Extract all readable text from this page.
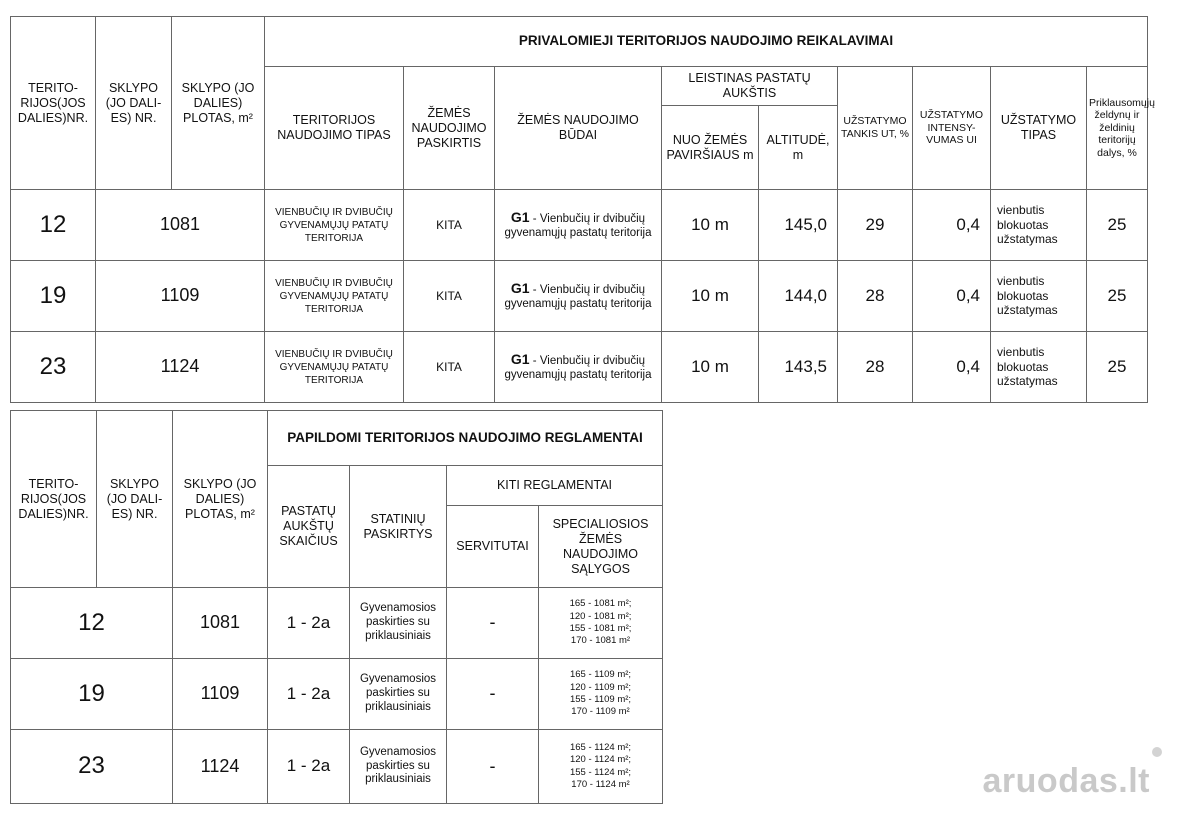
TERITO-RIJOS(JOS DALIES)NR.	SKLYPO (JO DALI-ES) NR.	SKLYPO (JO DALIES) PLOTAS, m²	PRIVALOMIEJI TERITORIJOS NAUDOJIMO REIKALAVIMAI								
			TERITORIJOS NAUDOJIMO TIPAS	ŽEMĖS NAUDOJIMO PASKIRTIS	ŽEMĖS NAUDOJIMO BŪDAI	LEISTINAS PASTATŲ AUKŠTIS		UŽSTATYMO TANKIS UT, %	UŽSTATYMO INTENSY-VUMAS UI	UŽSTATYMO TIPAS	Priklausomųjų želdynų ir želdinių teritorijų dalys, %
						NUO ŽEMĖS PAVIRŠIAUS m	ALTITUDĖ, m				
12	1081		VIENBUČIŲ IR DVIBUČIŲ GYVENAMŲJŲ PATATŲ TERITORIJA	KITA	G1 - Vienbučių ir dvibučių gyvenamųjų pastatų teritorija	10 m	145,0	29	0,4	vienbutis blokuotas užstatymas	25
19	1109		VIENBUČIŲ IR DVIBUČIŲ GYVENAMŲJŲ PATATŲ TERITORIJA	KITA	G1 - Vienbučių ir dvibučių gyvenamųjų pastatų teritorija	10 m	144,0	28	0,4	vienbutis blokuotas užstatymas	25
23	1124		VIENBUČIŲ IR DVIBUČIŲ GYVENAMŲJŲ PATATŲ TERITORIJA	KITA	G1 - Vienbučių ir dvibučių gyvenamųjų pastatų teritorija	10 m	143,5	28	0,4	vienbutis blokuotas užstatymas	25
TERITO-RIJOS(JOS DALIES)NR.	SKLYPO (JO DALI-ES) NR.	SKLYPO (JO DALIES) PLOTAS, m²	PAPILDOMI TERITORIJOS NAUDOJIMO REGLAMENTAI			
			PASTATŲ AUKŠTŲ SKAIČIUS	STATINIŲ PASKIRTYS	KITI REGLAMENTAI	
					SERVITUTAI	SPECIALIOSIOS ŽEMĖS NAUDOJIMO SĄLYGOS
12		1081	1 - 2a	Gyvenamosios paskirties su priklausiniais	-	165 - 1081 m²;
120 - 1081 m²;
155 - 1081 m²;
170 - 1081 m²

19		1109	1 - 2a	Gyvenamosios paskirties su priklausiniais	-	165 - 1109 m²;
120 - 1109 m²;
155 - 1109 m²;
170 - 1109 m²

23		1124	1 - 2a	Gyvenamosios paskirties su priklausiniais	-	165 - 1124 m²;
120 - 1124 m²;
155 - 1124 m²;
170 - 1124 m²	aruodas.lt
